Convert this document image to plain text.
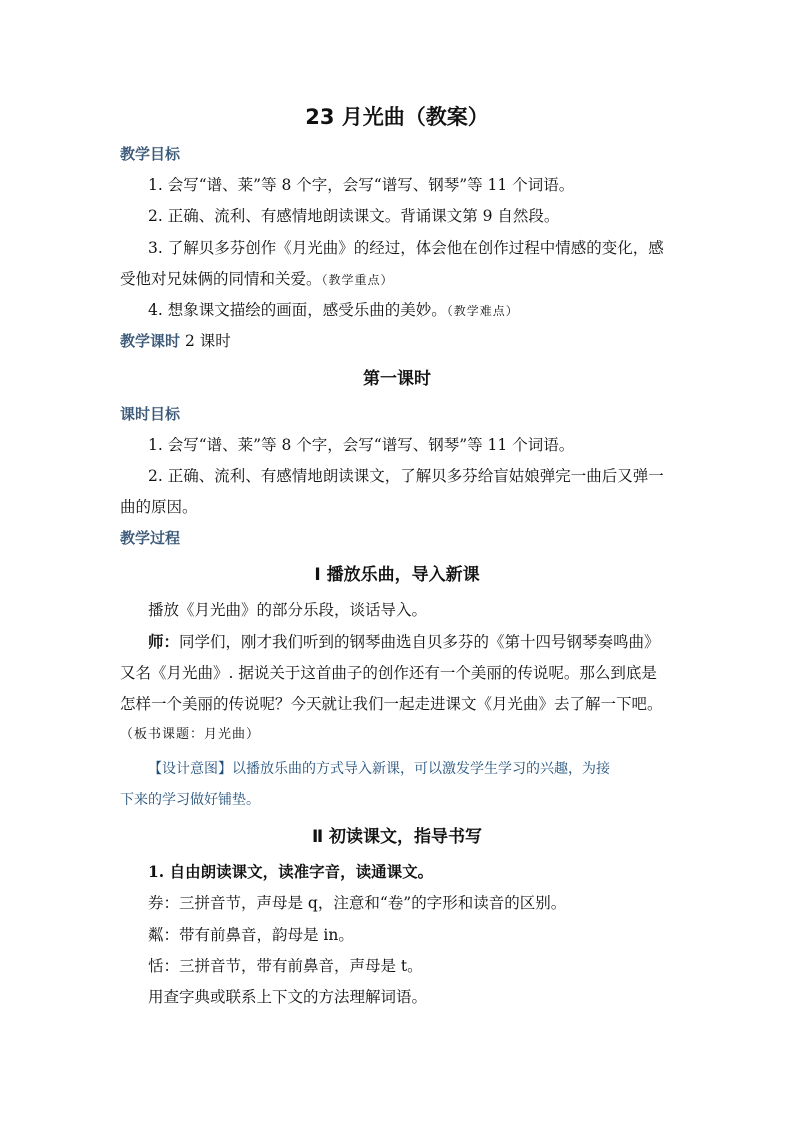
23 月光曲（教案）
教学目标
1. 会写“谱、莱”等 8 个字，会写“谱写、钢琴”等 11 个词语。
2. 正确、流利、有感情地朗读课文。背诵课文第 9 自然段。
3. 了解贝多芬创作《月光曲》的经过，体会他在创作过程中情感的变化，感
受他对兄妹俩的同情和关爱。（教学重点）
4. 想象课文描绘的画面，感受乐曲的美妙。（教学难点）
教学课时 2 课时
第一课时
课时目标
1. 会写“谱、莱”等 8 个字，会写“谱写、钢琴”等 11 个词语。
2. 正确、流利、有感情地朗读课文，了解贝多芬给盲姑娘弹完一曲后又弹一
曲的原因。
教学过程
Ⅰ 播放乐曲，导入新课
播放《月光曲》的部分乐段，谈话导入。
师：同学们，刚才我们听到的钢琴曲选自贝多芬的《第十四号钢琴奏鸣曲》
又名《月光曲》. 据说关于这首曲子的创作还有一个美丽的传说呢。那么到底是
怎样一个美丽的传说呢？今天就让我们一起走进课文《月光曲》去了解一下吧。
（板书课题：月光曲）
【设计意图】以播放乐曲的方式导入新课，可以激发学生学习的兴趣，为接
下来的学习做好铺垫。
Ⅱ 初读课文，指导书写
1. 自由朗读课文，读准字音，读通课文。
券：三拼音节，声母是 q，注意和“卷”的字形和读音的区别。
粼：带有前鼻音，韵母是 in。
恬：三拼音节，带有前鼻音，声母是 t。
用查字典或联系上下文的方法理解词语。
